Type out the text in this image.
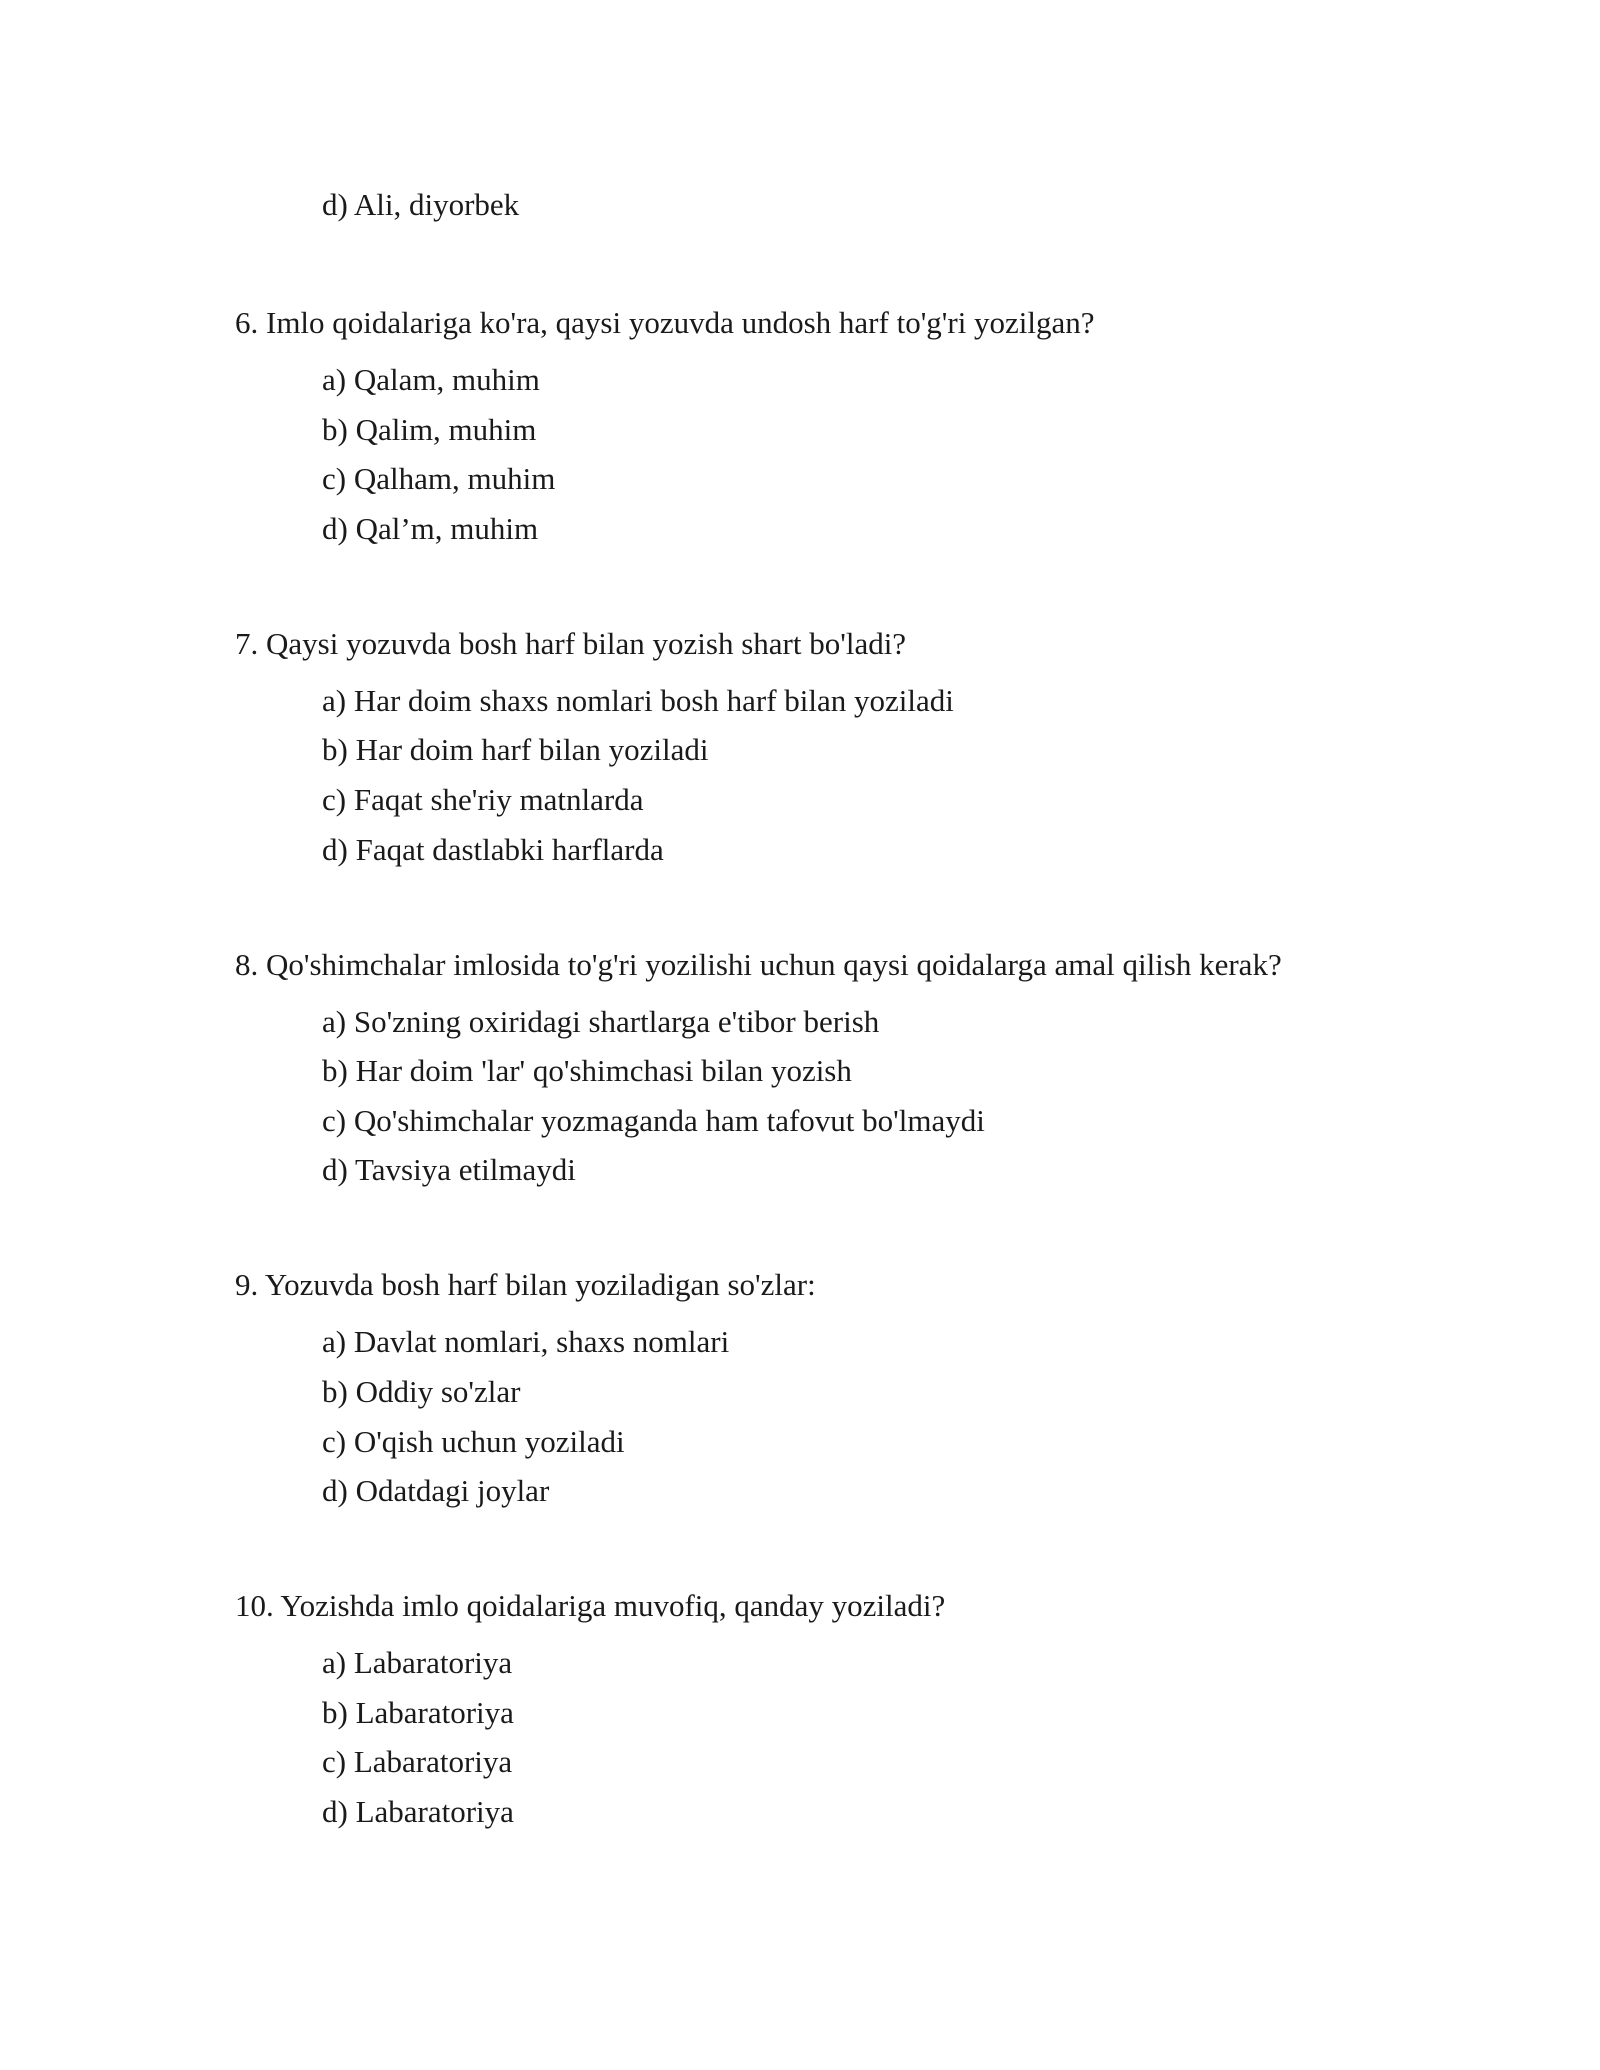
d) Ali, diyorbek
6. Imlo qoidalariga ko'ra, qaysi yozuvda undosh harf to'g'ri yozilgan?
a) Qalam, muhim
b) Qalim, muhim
c) Qalham, muhim
d) Qal’m, muhim
7. Qaysi yozuvda bosh harf bilan yozish shart bo'ladi?
a) Har doim shaxs nomlari bosh harf bilan yoziladi
b) Har doim harf bilan yoziladi
c) Faqat she'riy matnlarda
d) Faqat dastlabki harflarda
8. Qo'shimchalar imlosida to'g'ri yozilishi uchun qaysi qoidalarga amal qilish kerak?
a) So'zning oxiridagi shartlarga e'tibor berish
b) Har doim 'lar' qo'shimchasi bilan yozish
c) Qo'shimchalar yozmaganda ham tafovut bo'lmaydi
d) Tavsiya etilmaydi
9. Yozuvda bosh harf bilan yoziladigan so'zlar:
a) Davlat nomlari, shaxs nomlari
b) Oddiy so'zlar
c) O'qish uchun yoziladi
d) Odatdagi joylar
10. Yozishda imlo qoidalariga muvofiq, qanday yoziladi?
a) Labaratoriya
b) Labaratoriya
c) Labaratoriya
d) Labaratoriya
